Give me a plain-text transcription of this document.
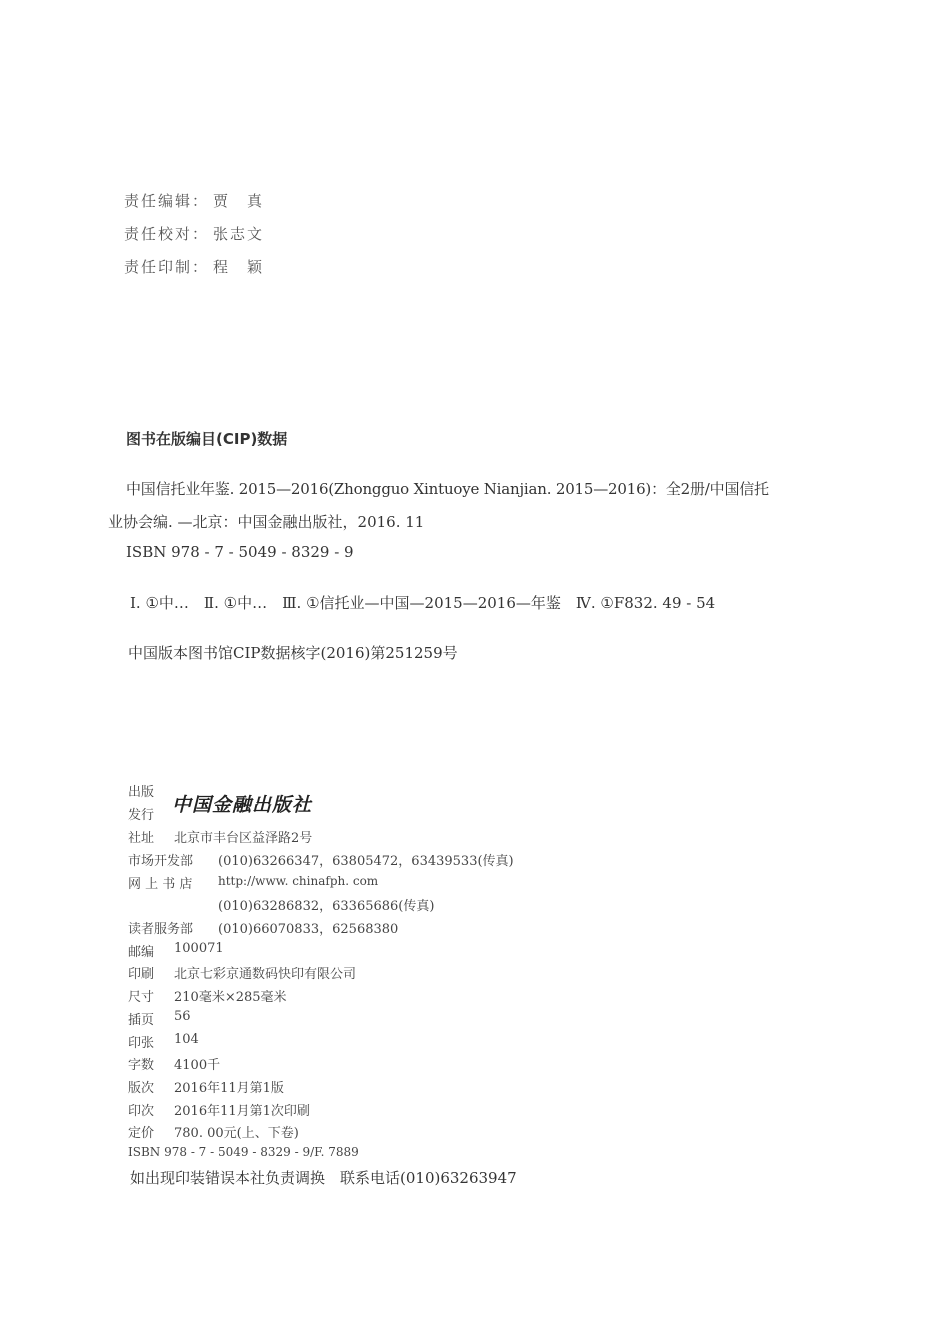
责任编辑： 贾　真
责任校对： 张志文
责任印制： 程　颖
图书在版编目(CIP)数据
中国信托业年鉴. 2015—2016(Zhongguo Xintuoye Nianjian. 2015—2016)：全2册/中国信托
业协会编. —北京：中国金融出版社，2016. 11
ISBN 978 - 7 - 5049 - 8329 - 9
Ⅰ. ①中…　Ⅱ. ①中…　Ⅲ. ①信托业—中国—2015—2016—年鉴　Ⅳ. ①F832. 49 - 54
中国版本图书馆CIP数据核字(2016)第251259号
出版
发行 中国金融出版社
社址 北京市丰台区益泽路2号
市场开发部 (010)63266347，63805472，63439533(传真)
网 上 书 店 http://www. chinafph. com
(010)63286832，63365686(传真)
读者服务部 (010)66070833，62568380
邮编 100071
印刷 北京七彩京通数码快印有限公司
尺寸 210毫米×285毫米
插页 56
印张 104
字数 4100千
版次 2016年11月第1版
印次 2016年11月第1次印刷
定价 780. 00元(上、下卷)
ISBN 978 - 7 - 5049 - 8329 - 9/F. 7889
如出现印装错误本社负责调换　联系电话(010)63263947
